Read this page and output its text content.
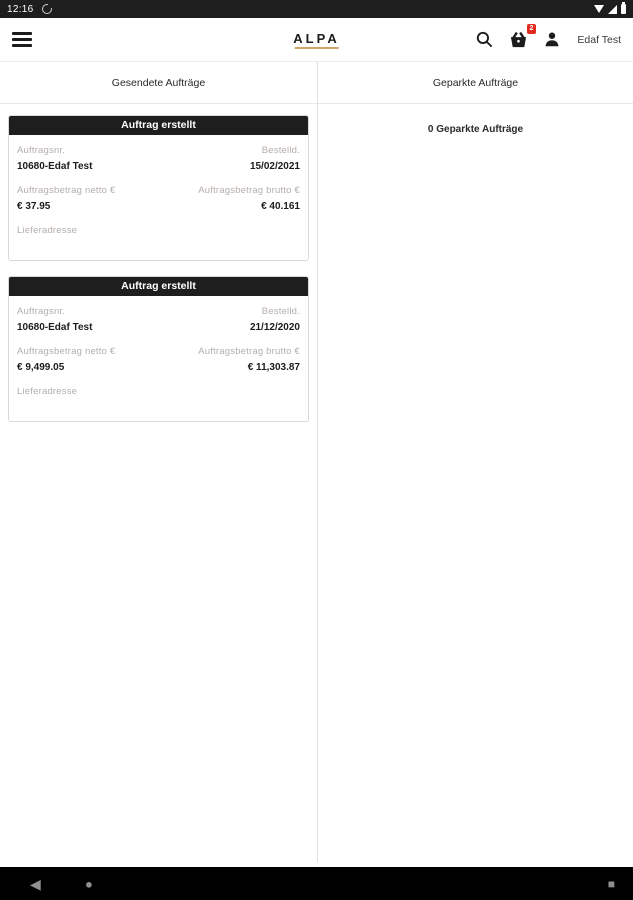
12:16
ALPA
2
Edaf Test
Gesendete Aufträge
Auftrag erstellt
Auftragsnr.	Bestelld.
10680-Edaf Test	15/02/2021
Auftragsbetrag netto €	Auftragsbetrag brutto €
€ 37.95	€ 40.161
Lieferadresse
Auftrag erstellt
Auftragsnr.	Bestelld.
10680-Edaf Test	21/12/2020
Auftragsbetrag netto €	Auftragsbetrag brutto €
€ 9,499.05	€ 11,303.87
Lieferadresse
Geparkte Aufträge
0 Geparkte Aufträge
◀	●	■
